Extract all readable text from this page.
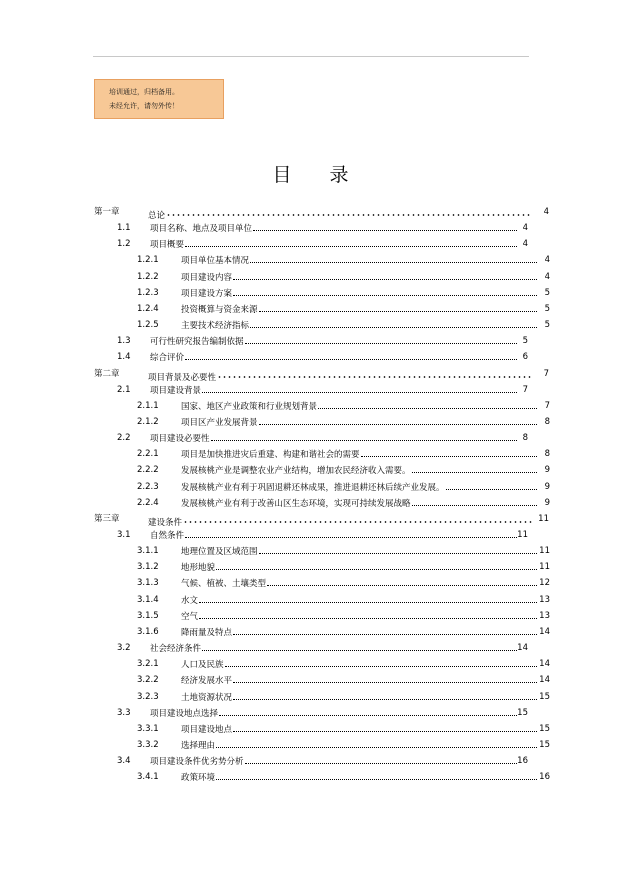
培训通过，归档备用。
未经允许，请勿外传！
目 录
第一章	总论	4
1.1 项目名称、地点及项目单位	4
1.2 项目概要	4
1.2.1	项目单位基本情况	4
1.2.2	项目建设内容	4
1.2.3	项目建设方案	5
1.2.4	投资概算与资金来源	5
1.2.5	主要技术经济指标	5
1.3 可行性研究报告编制依据	5
1.4 综合评价	6
第二章	项目背景及必要性	7
2.1 项目建设背景	7
2.1.1	国家、地区产业政策和行业规划背景	7
2.1.2	项目区产业发展背景	8
2.2 项目建设必要性	8
2.2.1	项目是加快推进灾后重建、构建和谐社会的需要	8
2.2.2	发展核桃产业是调整农业产业结构，增加农民经济收入需要。	9
2.2.3	发展核桃产业有利于巩固退耕还林成果，推进退耕还林后续产业发展。	9
2.2.4	发展核桃产业有利于改善山区生态环境，实现可持续发展战略	9
第三章	建设条件	11
3.1 自然条件	11
3.1.1	地理位置及区域范围	11
3.1.2	地形地貌	11
3.1.3	气候、植被、土壤类型	12
3.1.4	水文	13
3.1.5	空气	13
3.1.6	降雨量及特点	14
3.2 社会经济条件	14
3.2.1	人口及民族	14
3.2.2	经济发展水平	14
3.2.3	土地资源状况	15
3.3 项目建设地点选择	15
3.3.1	项目建设地点	15
3.3.2	选择理由	15
3.4 项目建设条件优劣势分析	16
3.4.1	政策环境	16
